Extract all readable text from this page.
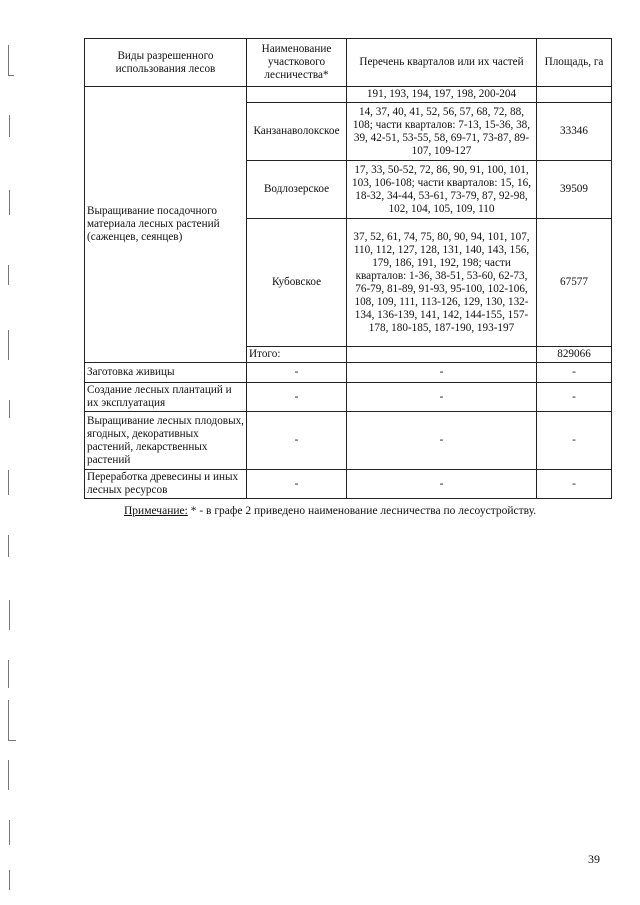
Виды разрешенного использования лесов	Наименование участкового лесничества*	Перечень кварталов или их частей	Площадь, га
Выращивание посадочного материала лесных растений (саженцев, сеянцев)		191, 193, 194, 197, 198, 200-204	
	Канзанаволокское	14, 37, 40, 41, 52, 56, 57, 68, 72, 88, 108; части кварталов: 7-13, 15-36, 38, 39, 42-51, 53-55, 58, 69-71, 73-87, 89-107, 109-127	33346
	Водлозерское	17, 33, 50-52, 72, 86, 90, 91, 100, 101, 103, 106-108; части кварталов: 15, 16, 18-32, 34-44, 53-61, 73-79, 87, 92-98, 102, 104, 105, 109, 110	39509
	Кубовское	37, 52, 61, 74, 75, 80, 90, 94, 101, 107, 110, 112, 127, 128, 131, 140, 143, 156, 179, 186, 191, 192, 198; части кварталов: 1-36, 38-51, 53-60, 62-73, 76-79, 81-89, 91-93, 95-100, 102-106, 108, 109, 111, 113-126, 129, 130, 132-134, 136-139, 141, 142, 144-155, 157-178, 180-185, 187-190, 193-197	67577
	Итого:		829066
Заготовка живицы	-	-	-
Создание лесных плантаций и их эксплуатация	-	-	-
Выращивание лесных плодовых, ягодных, декоративных растений, лекарственных растений	-	-	-
Переработка древесины и иных лесных ресурсов	-	-	-
Примечание: * - в графе 2 приведено наименование лесничества по лесоустройству.
39
